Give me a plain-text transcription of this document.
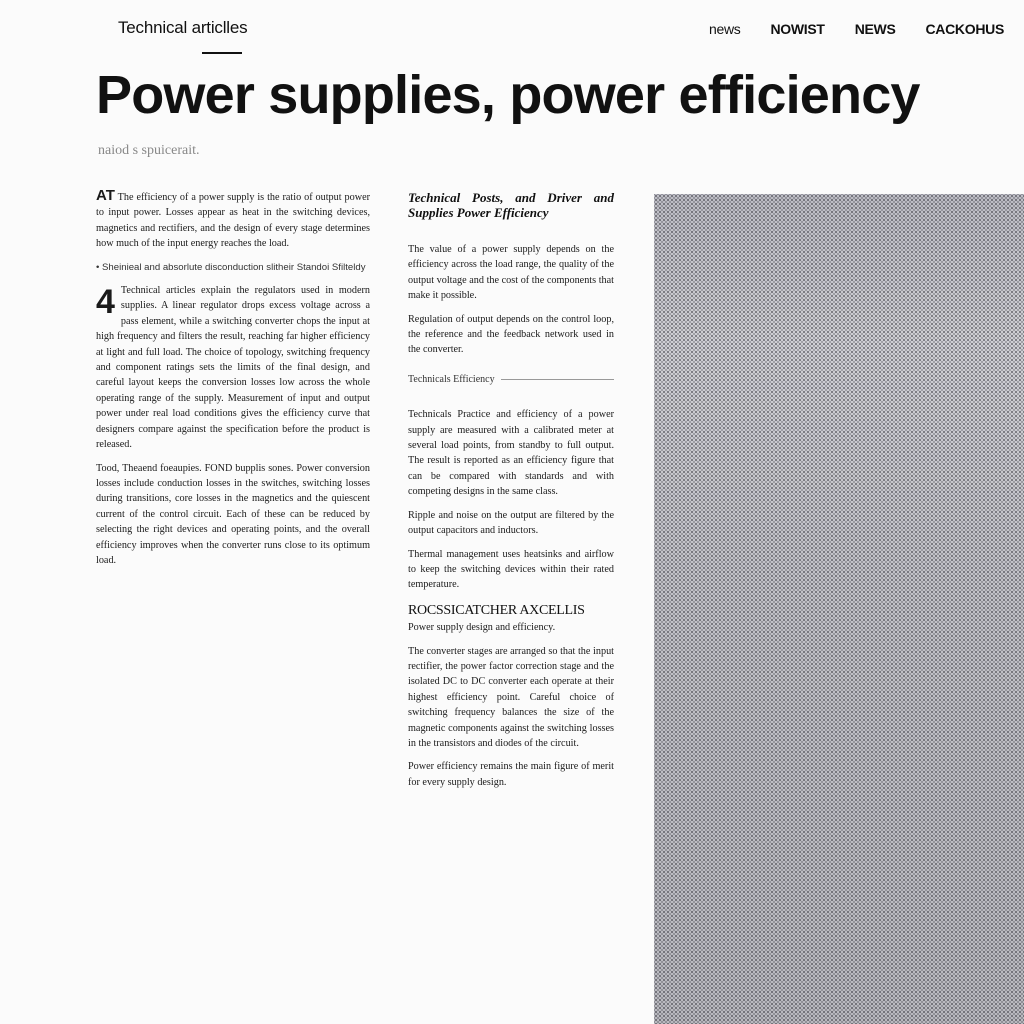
Technical articlles	news NOWIST NEWS CACKOHUS
Power supplies, power efficiency
naiod s spuicerait.

AT The efficiency of a power supply is the ratio of output power to input power. Losses appear as heat in the switching devices, magnetics and rectifiers, and the design of every stage determines how much of the input energy reaches the load.

• Sheinieal and absorlute disconduction slitheir Standoi Sfilteldy

4 Technical articles explain the regulators used in modern supplies. A linear regulator drops excess voltage across a pass element, while a switching converter chops the input at high frequency and filters the result, reaching far higher efficiency at light and full load. The choice of topology, switching frequency and component ratings sets the limits of the final design, and careful layout keeps the conversion losses low across the whole operating range of the supply. Measurement of input and output power under real load conditions gives the efficiency curve that designers compare against the specification before the product is released.

Tood, Theaend foeaupies. FOND bupplis sones. Power conversion losses include conduction losses in the switches, switching losses during transitions, core losses in the magnetics and the quiescent current of the control circuit. Each of these can be reduced by selecting the right devices and operating points, and the overall efficiency improves when the converter runs close to its optimum load.

Technical Posts, and Driver and Supplies Power Efficiency

The value of a power supply depends on the efficiency across the load range, the quality of the output voltage and the cost of the components that make it possible.

Regulation of output depends on the control loop, the reference and the feedback network used in the converter.

Technicals Efficiency

Technicals Practice and efficiency of a power supply are measured with a calibrated meter at several load points, from standby to full output. The result is reported as an efficiency figure that can be compared with standards and with competing designs in the same class.

Ripple and noise on the output are filtered by the output capacitors and inductors.

Thermal management uses heatsinks and airflow to keep the switching devices within their rated temperature.

ROCSSICATCHER AXCELLIS

Power supply design and efficiency.

The converter stages are arranged so that the input rectifier, the power factor correction stage and the isolated DC to DC converter each operate at their highest efficiency point. Careful choice of switching frequency balances the size of the magnetic components against the switching losses in the transistors and diodes of the circuit.

Power efficiency remains the main figure of merit for every supply design.
